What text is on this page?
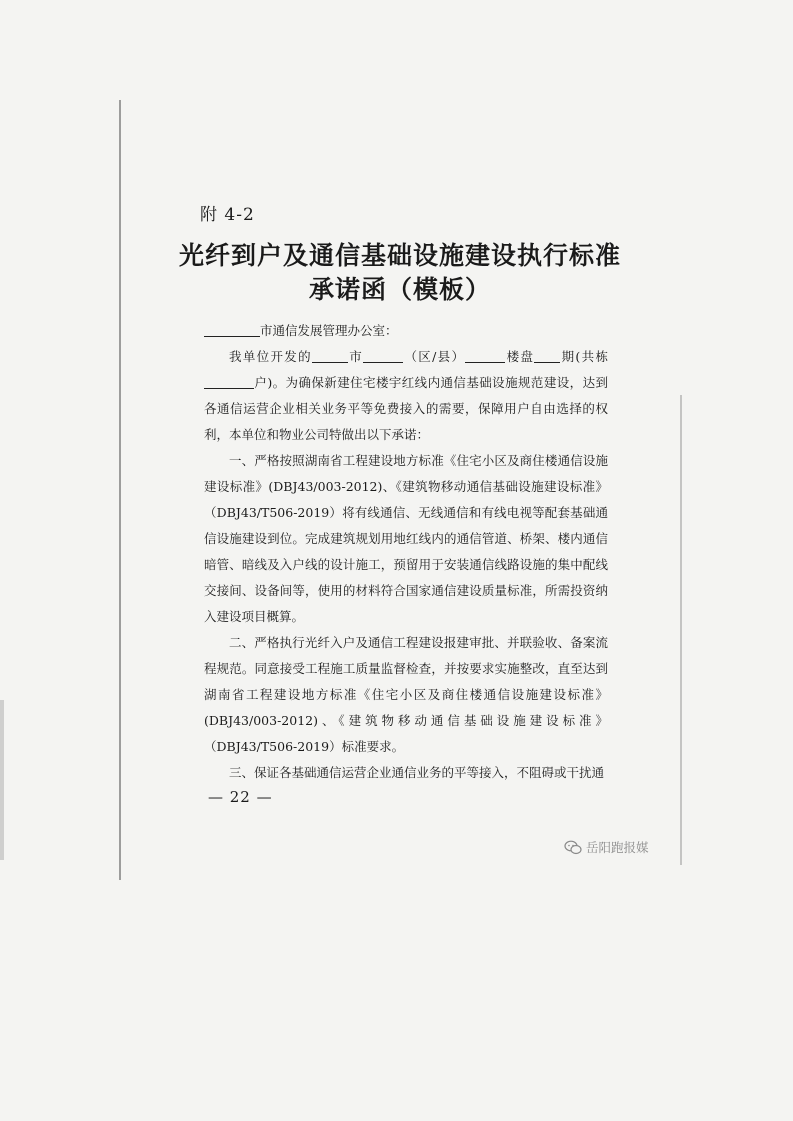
附 4-2
光纤到户及通信基础设施建设执行标准
承诺函（模板）

市通信发展管理办公室：

我单位开发的	市	（区/县）	楼盘 期(共栋户)。为确保新建住宅楼宇红线内通信基础设施规范建设，达到各通信运营企业相关业务平等免费接入的需要，保障用户自由选择的权利，本单位和物业公司特做出以下承诺：

一、严格按照湖南省工程建设地方标准《住宅小区及商住楼通信设施建设标准》(DBJ43/003-2012)、《建筑物移动通信基础设施建设标准》（DBJ43/T506-2019）将有线通信、无线通信和有线电视等配套基础通信设施建设到位。完成建筑规划用地红线内的通信管道、桥架、楼内通信暗管、暗线及入户线的设计施工，预留用于安装通信线路设施的集中配线交接间、设备间等，使用的材料符合国家通信建设质量标准，所需投资纳入建设项目概算。

二、严格执行光纤入户及通信工程建设报建审批、并联验收、备案流程规范。同意接受工程施工质量监督检查，并按要求实施整改，直至达到湖南省工程建设地方标准《住宅小区及商住楼通信设施建设标准》(DBJ43/003-2012)、《建筑物移动通信基础设施建设标准》（DBJ43/T506-2019）标准要求。

三、保证各基础通信运营企业通信业务的平等接入，不阻碍或干扰通

— 22 —
岳阳跑报媒
